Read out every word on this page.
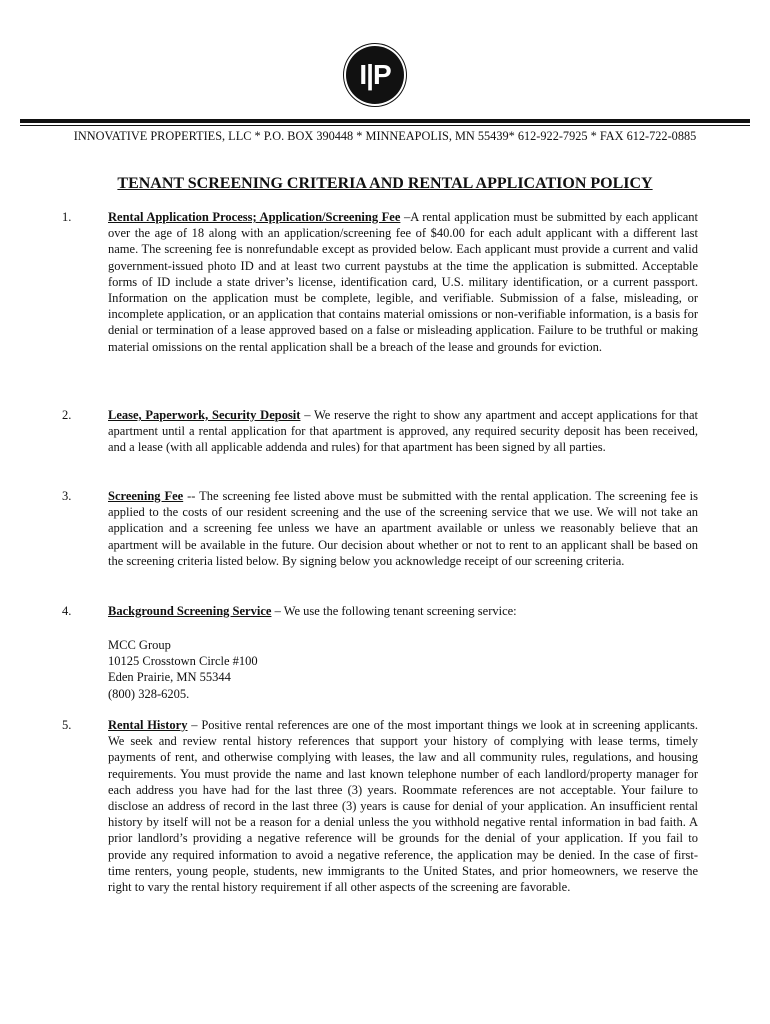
I|P
INNOVATIVE PROPERTIES, LLC * P.O. BOX 390448 * MINNEAPOLIS, MN 55439* 612-922-7925 * FAX 612-722-0885
TENANT SCREENING CRITERIA AND RENTAL APPLICATION POLICY
1.	Rental Application Process; Application/Screening Fee –A rental application must be submitted by each applicant over the age of 18 along with an application/screening fee of $40.00 for each adult applicant with a different last name. The screening fee is nonrefundable except as provided below. Each applicant must provide a current and valid government-issued photo ID and at least two current paystubs at the time the application is submitted. Acceptable forms of ID include a state driver’s license, identification card, U.S. military identification, or a current passport. Information on the application must be complete, legible, and verifiable. Submission of a false, misleading, or incomplete application, or an application that contains material omissions or non-verifiable information, is a basis for denial or termination of a lease approved based on a false or misleading application. Failure to be truthful or making material omissions on the rental application shall be a breach of the lease and grounds for eviction.
2.	Lease, Paperwork, Security Deposit – We reserve the right to show any apartment and accept applications for that apartment until a rental application for that apartment is approved, any required security deposit has been received, and a lease (with all applicable addenda and rules) for that apartment has been signed by all parties.
3.	Screening Fee -- The screening fee listed above must be submitted with the rental application. The screening fee is applied to the costs of our resident screening and the use of the screening service that we use. We will not take an application and a screening fee unless we have an apartment available or unless we reasonably believe that an apartment will be available in the future. Our decision about whether or not to rent to an applicant shall be based on the screening criteria listed below. By signing below you acknowledge receipt of our screening criteria.
4.	Background Screening Service – We use the following tenant screening service:
MCC Group
10125 Crosstown Circle #100
Eden Prairie, MN 55344
(800) 328-6205.
5.	Rental History – Positive rental references are one of the most important things we look at in screening applicants. We seek and review rental history references that support your history of complying with lease terms, timely payments of rent, and otherwise complying with leases, the law and all community rules, regulations, and housing requirements. You must provide the name and last known telephone number of each landlord/property manager for each address you have had for the last three (3) years. Roommate references are not acceptable. Your failure to disclose an address of record in the last three (3) years is cause for denial of your application. An insufficient rental history by itself will not be a reason for a denial unless the you withhold negative rental information in bad faith. A prior landlord’s providing a negative reference will be grounds for the denial of your application. If you fail to provide any required information to avoid a negative reference, the application may be denied. In the case of first-time renters, young people, students, new immigrants to the United States, and prior homeowners, we reserve the right to vary the rental history requirement if all other aspects of the screening are favorable.
